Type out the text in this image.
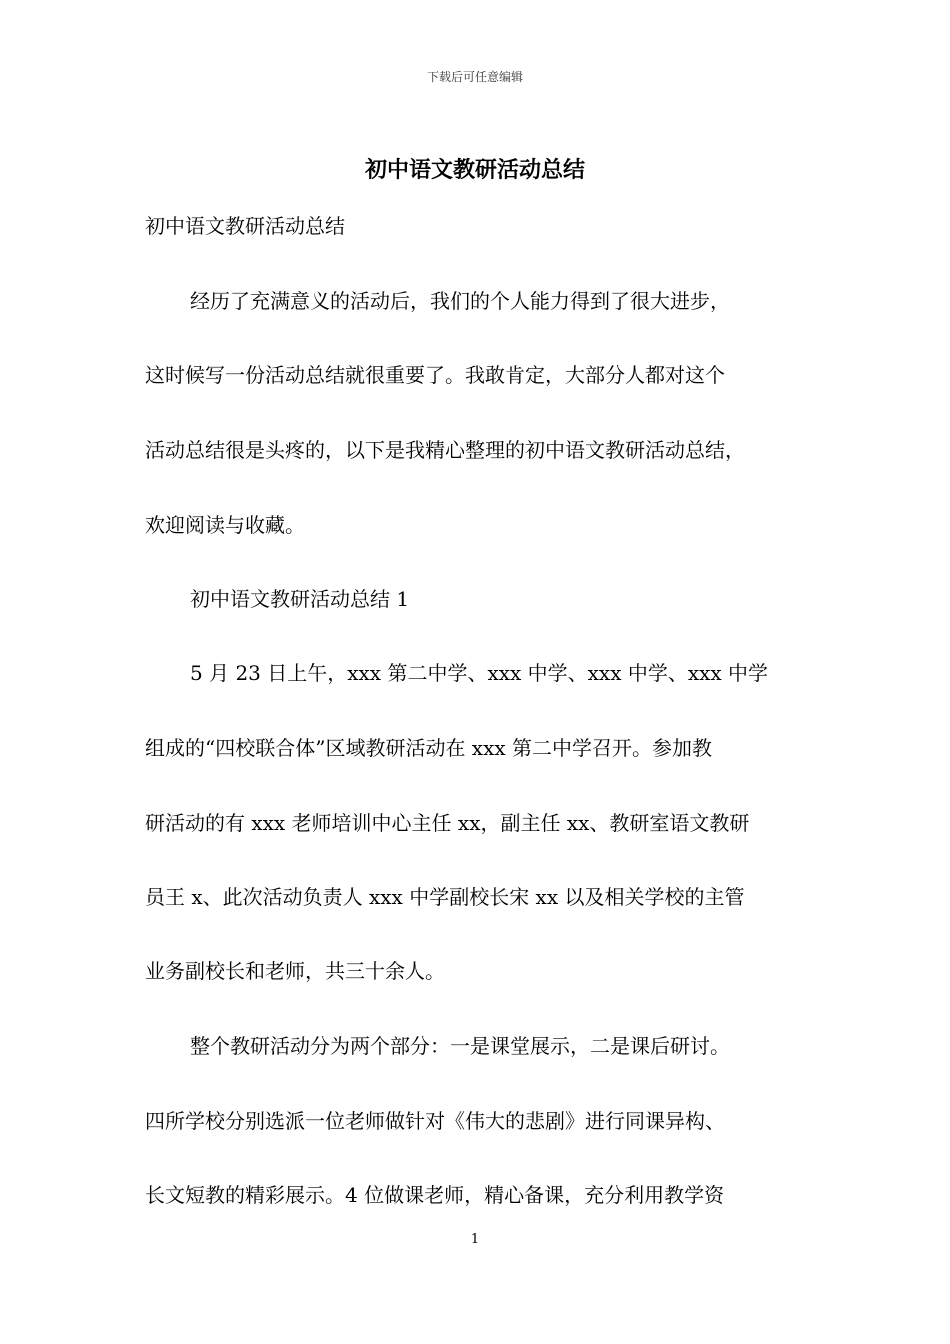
下载后可任意编辑
初中语文教研活动总结
初中语文教研活动总结
经历了充满意义的活动后，我们的个人能力得到了很大进步，
这时候写一份活动总结就很重要了。我敢肯定，大部分人都对这个
活动总结很是头疼的，以下是我精心整理的初中语文教研活动总结，
欢迎阅读与收藏。
初中语文教研活动总结 1
5 月 23 日上午，xxx 第二中学、xxx 中学、xxx 中学、xxx 中学
组成的“四校联合体”区域教研活动在 xxx 第二中学召开。参加教
研活动的有 xxx 老师培训中心主任 xx，副主任 xx、教研室语文教研
员王 x、此次活动负责人 xxx 中学副校长宋 xx 以及相关学校的主管
业务副校长和老师，共三十余人。
整个教研活动分为两个部分：一是课堂展示，二是课后研讨。
四所学校分别选派一位老师做针对《伟大的悲剧》进行同课异构、
长文短教的精彩展示。4 位做课老师，精心备课，充分利用教学资
1
